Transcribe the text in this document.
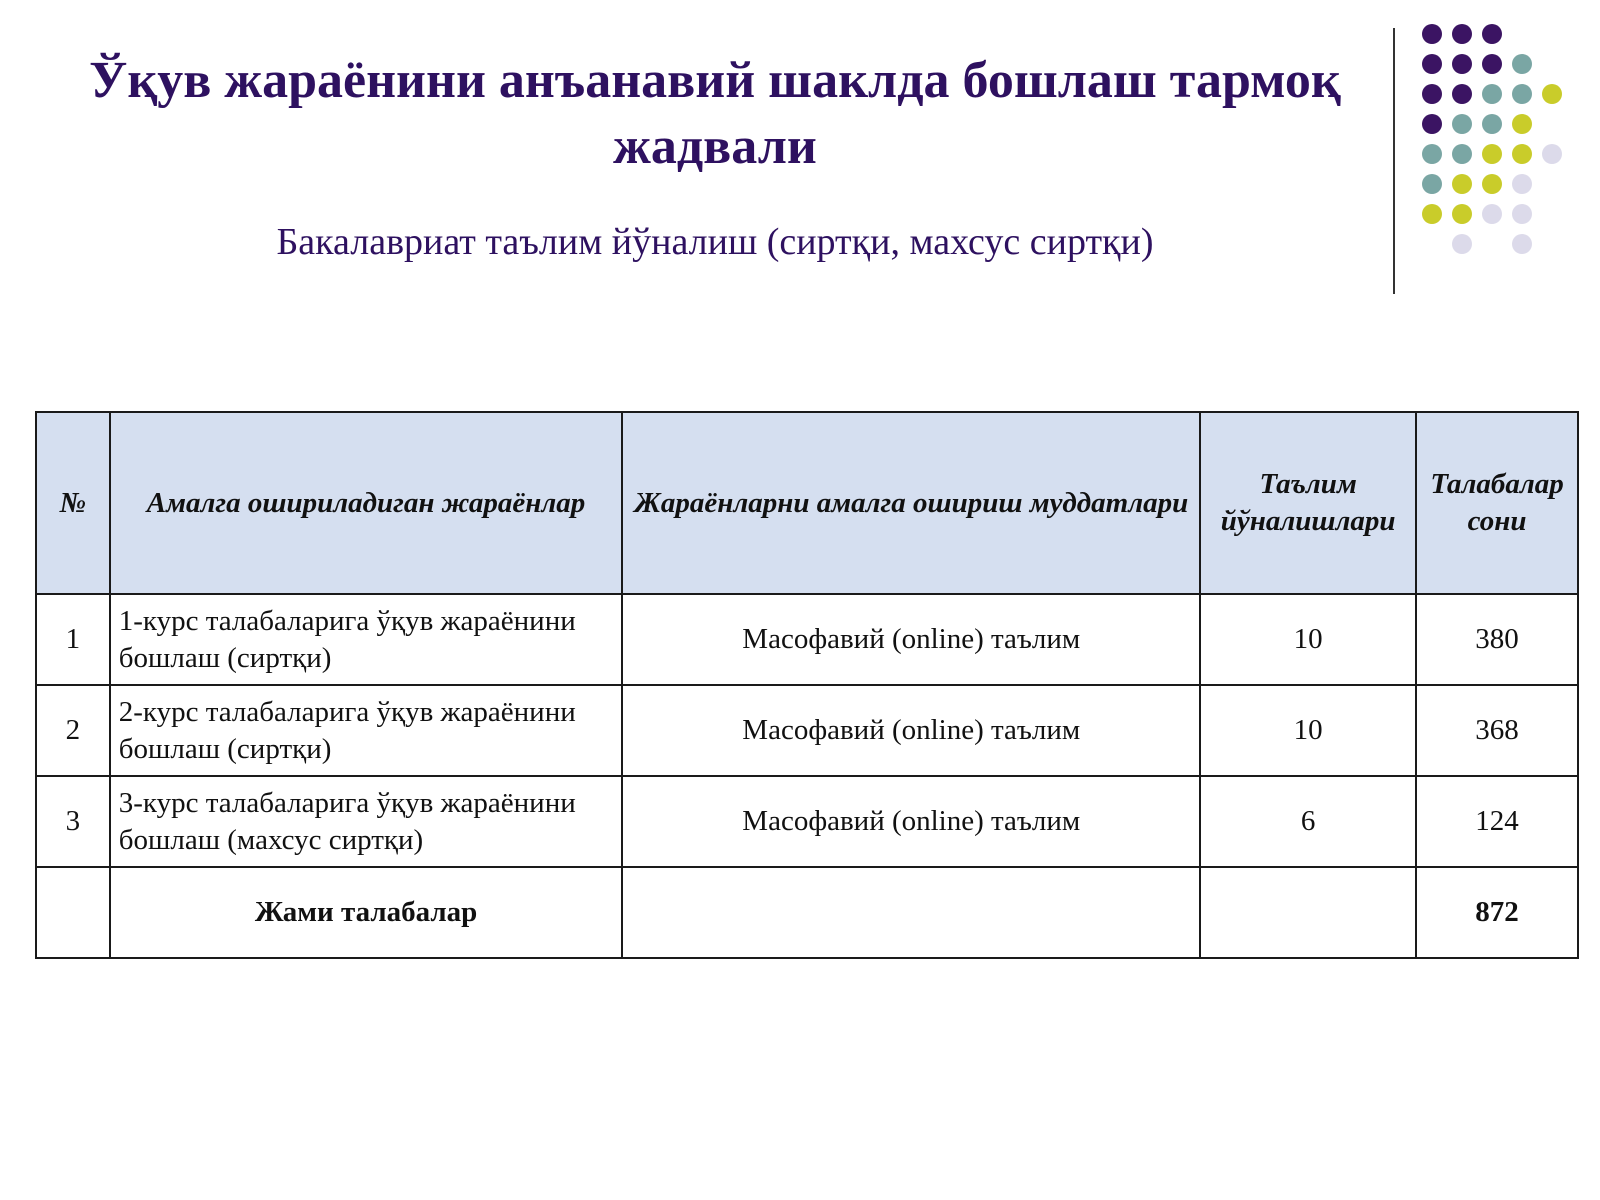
Ўқув жараёнини анъанавий шаклда бошлаш тармоқ жадвали
Бакалавриат таълим йўналиш (сиртқи, махсус сиртқи)
№	Амалга ошириладиган жараёнлар	Жараёнларни амалга ошириш муддатлари	Таълим йўналишлари	Талабалар сони
1	1-курс талабаларига ўқув жараёнини бошлаш (сиртқи)	Масофавий (online) таълим	10	380
2	2-курс талабаларига ўқув жараёнини бошлаш (сиртқи)	Масофавий (online) таълим	10	368
3	3-курс талабаларига ўқув жараёнини бошлаш (махсус сиртқи)	Масофавий (online) таълим	6	124
	Жами талабалар			872
